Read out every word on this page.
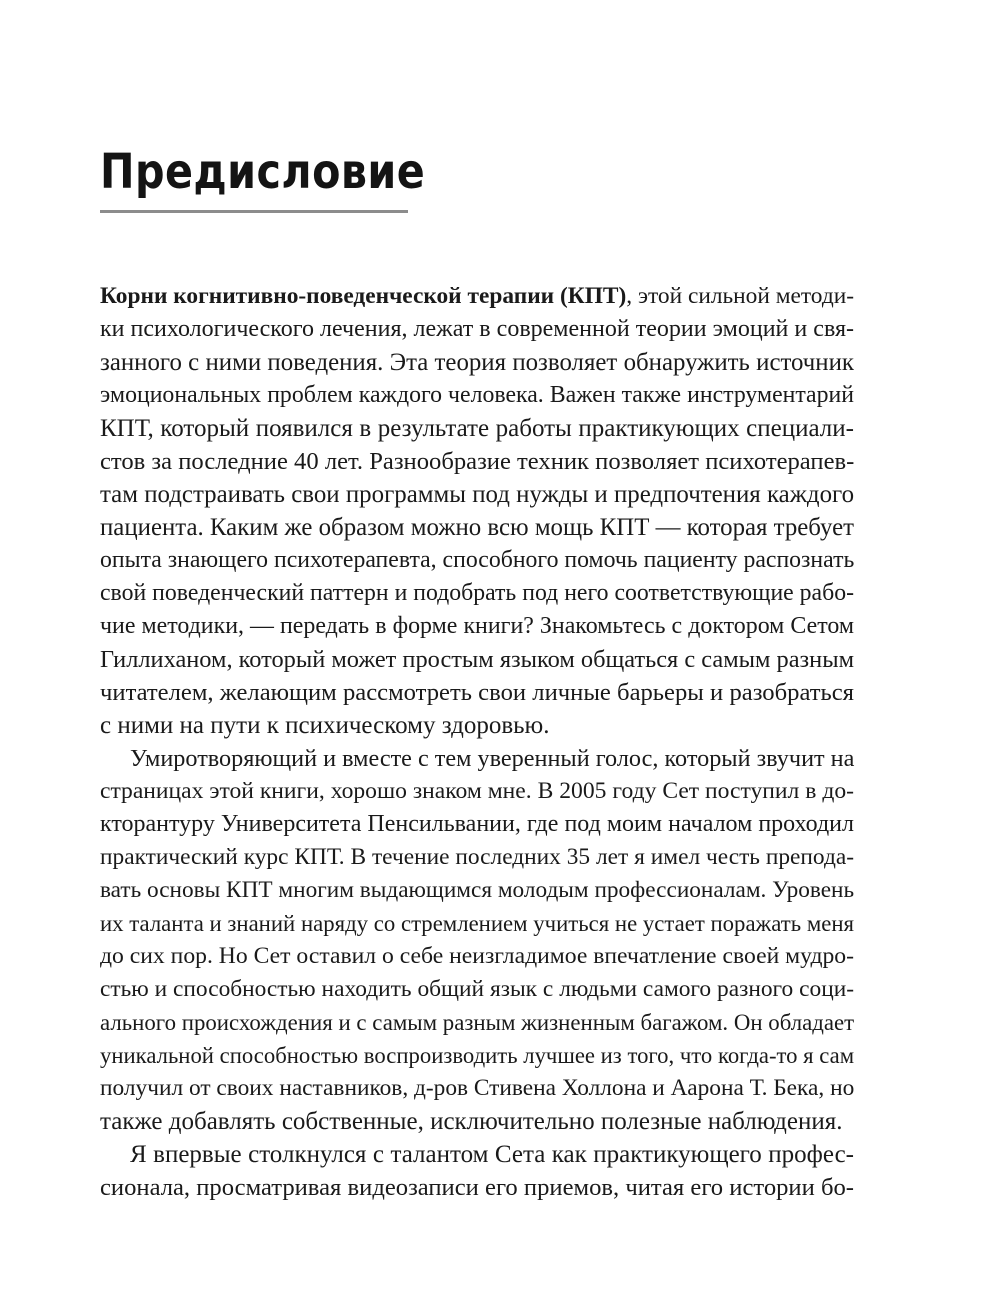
Предисловие
Корни когнитивно-поведенческой терапии (КПТ), этой сильной методи-
ки психологического лечения, лежат в современной теории эмоций и свя-
занного с ними поведения. Эта теория позволяет обнаружить источник
эмоциональных проблем каждого человека. Важен также инструментарий
КПТ, который появился в результате работы практикующих специали-
стов за последние 40 лет. Разнообразие техник позволяет психотерапев-
там подстраивать свои программы под нужды и предпочтения каждого
пациента. Каким же образом можно всю мощь КПТ — которая требует
опыта знающего психотерапевта, способного помочь пациенту распознать
свой поведенческий паттерн и подобрать под него соответствующие рабо-
чие методики, — передать в форме книги? Знакомьтесь с доктором Сетом
Гиллиханом, который может простым языком общаться с самым разным
читателем, желающим рассмотреть свои личные барьеры и разобраться
с ними на пути к психическому здоровью.
Умиротворяющий и вместе с тем уверенный голос, который звучит на
страницах этой книги, хорошо знаком мне. В 2005 году Сет поступил в до-
кторантуру Университета Пенсильвании, где под моим началом проходил
практический курс КПТ. В течение последних 35 лет я имел честь препода-
вать основы КПТ многим выдающимся молодым профессионалам. Уровень
их таланта и знаний наряду со стремлением учиться не устает поражать меня
до сих пор. Но Сет оставил о себе неизгладимое впечатление своей мудро-
стью и способностью находить общий язык с людьми самого разного соци-
ального происхождения и с самым разным жизненным багажом. Он обладает
уникальной способностью воспроизводить лучшее из того, что когда-то я сам
получил от своих наставников, д-ров Стивена Холлона и Аарона Т. Бека, но
также добавлять собственные, исключительно полезные наблюдения.
Я впервые столкнулся с талантом Сета как практикующего профес-
сионала, просматривая видеозаписи его приемов, читая его истории бо-
